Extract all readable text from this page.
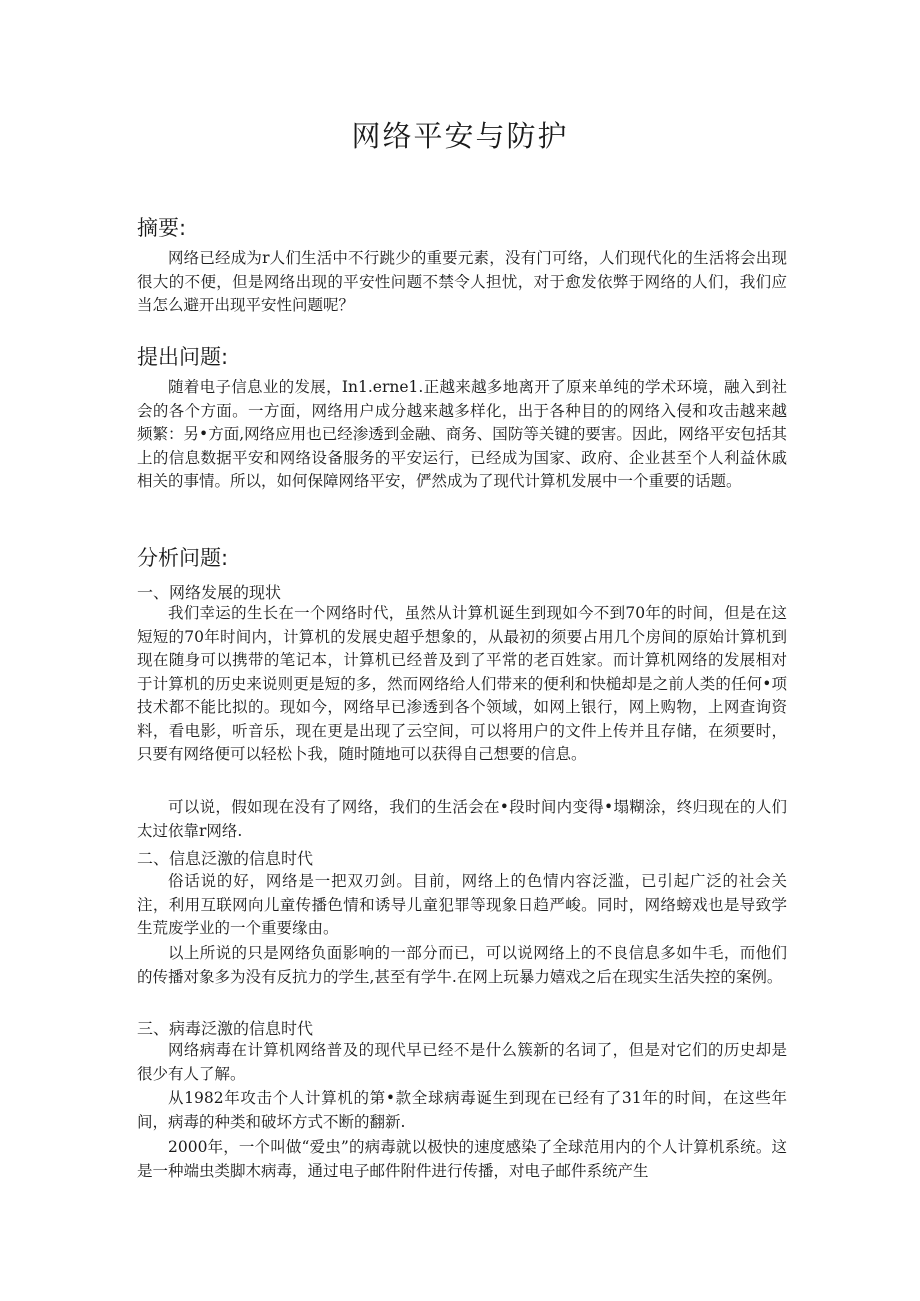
网络平安与防护
摘要:

网络已经成为r人们生活中不行跳少的重要元素，没有门可络，人们现代化的生活将会出现很大的不便，但是网络出现的平安性问题不禁令人担忧，对于愈发依弊于网络的人们，我们应当怎么避开出现平安性问题呢？

提出问题:

随着电子信息业的发展，In1.erne1.正越来越多地离开了原来单纯的学术环境，融入到社会的各个方面。一方面，网络用户成分越来越多样化，出于各种目的的网络入侵和攻击越来越频繁：另•方面,网络应用也已经渗透到金融、商务、国防等关键的要害。因此，网络平安包括其上的信息数据平安和网络设备服务的平安运行，已经成为国家、政府、企业甚至个人利益休戚相关的事情。所以，如何保障网络平安，俨然成为了现代计算机发展中一个重要的话题。

分析问题:
一、网络发展的现状

我们幸运的生长在一个网络时代，虽然从计算机诞生到现如今不到70年的时间，但是在这短短的70年时间内，计算机的发展史超乎想象的，从最初的须要占用几个房间的原始计算机到现在随身可以携带的笔记本，计算机已经普及到了平常的老百姓家。而计算机网络的发展相对于计算机的历史来说则更是短的多，然而网络给人们带来的便利和快槌却是之前人类的任何•项技术都不能比拟的。现如今，网络早已渗透到各个领域，如网上银行，网上购物，上网查询资料，看电影，听音乐，现在更是出现了云空间，可以将用户的文件上传并且存储，在须要时，只要有网络便可以轻松卜我，随时随地可以获得自己想要的信息。

可以说，假如现在没有了网络，我们的生活会在•段时间内变得•塌糊涂，终归现在的人们太过依靠r网络.

二、信息泛激的信息时代

俗话说的好，网络是一把双刃剑。目前，网络上的色情内容泛滥，已引起广泛的社会关注，利用互联网向儿童传播色情和诱导儿童犯罪等现象日趋严峻。同时，网络螃戏也是导致学生荒废学业的一个重要缘由。

以上所说的只是网络负面影响的一部分而已，可以说网络上的不良信息多如牛毛，而他们的传播对象多为没有反抗力的学生,甚至有学牛.在网上玩暴力嬉戏之后在现实生活失控的案例。

三、病毒泛激的信息时代

网络病毒在计算机网络普及的现代早已经不是什么簇新的名词了，但是对它们的历史却是很少有人了解。

从1982年攻击个人计算机的第•款全球病毒诞生到现在已经有了31年的时间，在这些年间，病毒的种类和破坏方式不断的翻新.

2000年，一个叫做“爱虫”的病毒就以极快的速度感染了全球范用内的个人计算机系统。这是一种端虫类脚木病毒，通过电子邮件附件进行传播，对电子邮件系统产生
